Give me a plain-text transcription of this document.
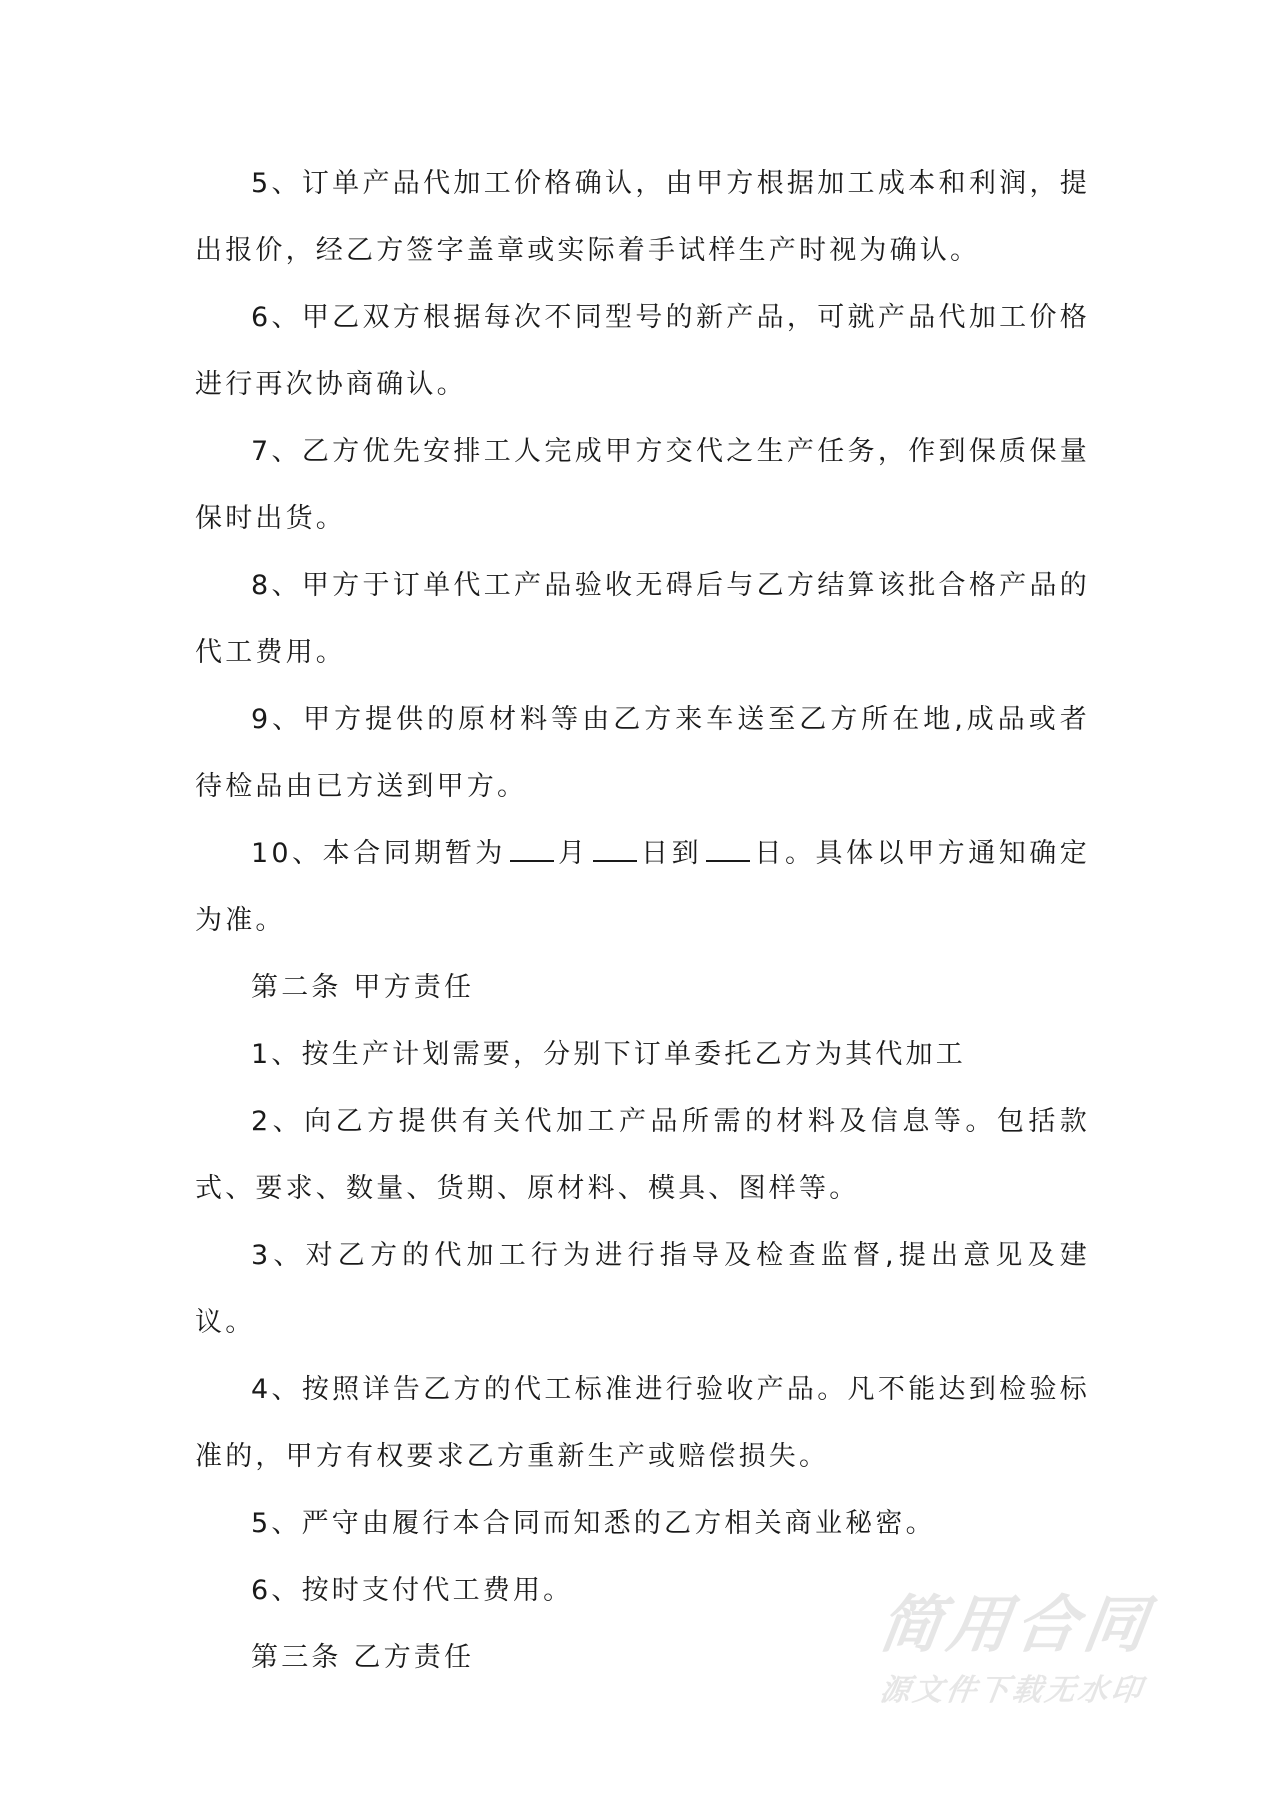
5、订单产品代加工价格确认，由甲方根据加工成本和利润，提出报价，经乙方签字盖章或实际着手试样生产时视为确认。

6、甲乙双方根据每次不同型号的新产品，可就产品代加工价格进行再次协商确认。

7、乙方优先安排工人完成甲方交代之生产任务，作到保质保量保时出货。

8、甲方于订单代工产品验收无碍后与乙方结算该批合格产品的代工费用。

9、甲方提供的原材料等由乙方来车送至乙方所在地,成品或者待检品由已方送到甲方。

10、本合同期暂为 月 日到 日。具体以甲方通知确定为准。

第二条 甲方责任

1、按生产计划需要，分别下订单委托乙方为其代加工

2、向乙方提供有关代加工产品所需的材料及信息等。包括款式、要求、数量、货期、原材料、模具、图样等。

3、对乙方的代加工行为进行指导及检查监督,提出意见及建议。

4、按照详告乙方的代工标准进行验收产品。凡不能达到检验标准的，甲方有权要求乙方重新生产或赔偿损失。

5、严守由履行本合同而知悉的乙方相关商业秘密。

6、按时支付代工费用。

第三条 乙方责任	简用合同
源文件下载无水印
